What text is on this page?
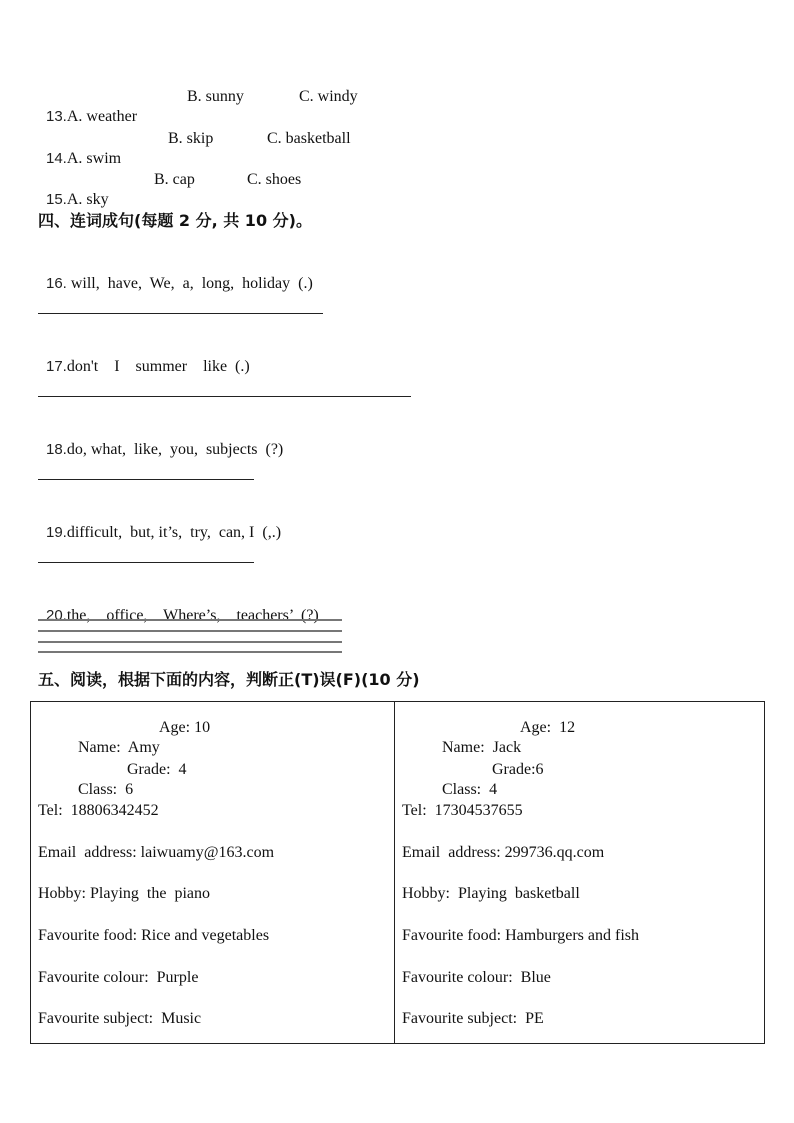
13.A. weather

B. sunny

	C. windy

14.A. swim

B. skip

	C. basketball

15.A. sky

B. cap

	C. shoes

四、连词成句(每题 2 分, 共 10 分)。

16. will,  have,  We,  a,  long,  holiday  (.)

17.don't    I    summer    like  (.)

18.do, what,  like,  you,  subjects  (?)

19.difficult,  but, it’s,  try,  can, I  (,.)

20.the,    office,    Where’s,    teachers’  (?)

五、阅读，根据下面的内容，判断正(T)误(F)(10 分)

Name:  Amy

Age: 10

Class:  6

Grade:  4

Tel:  18806342452
Email  address: laiwuamy@163.com
Hobby: Playing  the  piano
Favourite food: Rice and vegetables
Favourite colour:  Purple
Favourite subject:  Music

Name:  Jack

Age:  12

Class:  4

Grade:6

Tel:  17304537655
Email  address: 299736.qq.com
Hobby:  Playing  basketball
Favourite food: Hamburgers and fish
Favourite colour:  Blue
Favourite subject:  PE
